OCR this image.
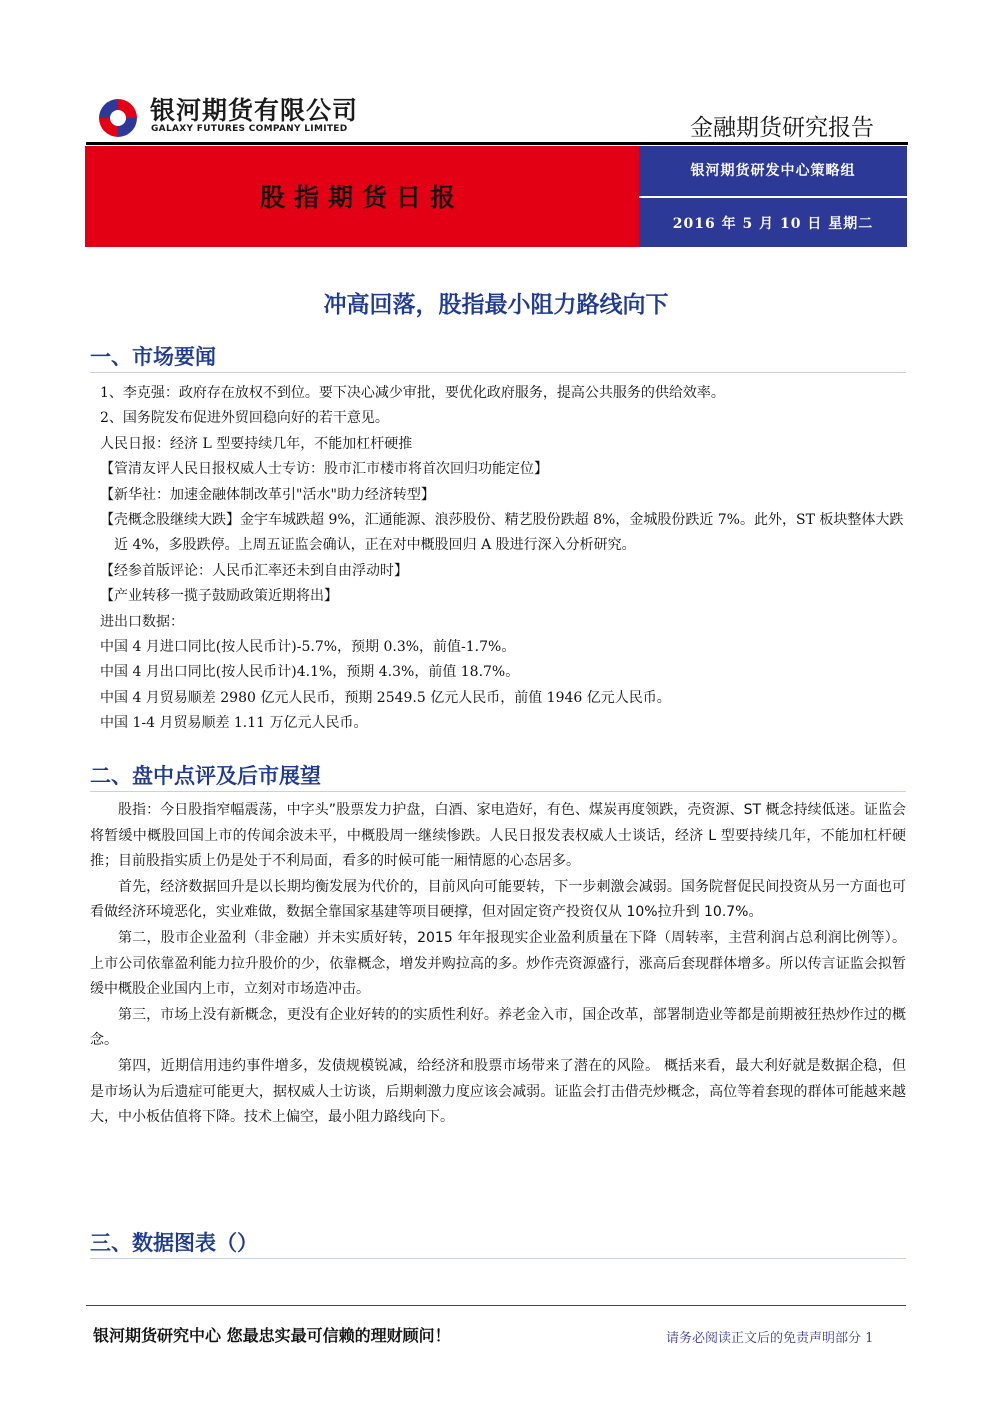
银河期货有限公司
GALAXY FUTURES COMPANY LIMITED	金融期货研究报告
股指期货日报
银河期货研发中心策略组
2016 年 5 月 10 日 星期二
冲高回落，股指最小阻力路线向下
一、市场要闻
1、李克强：政府存在放权不到位。要下决心减少审批，要优化政府服务，提高公共服务的供给效率。
2、国务院发布促进外贸回稳向好的若干意见。
人民日报：经济 L 型要持续几年，不能加杠杆硬推
【管清友评人民日报权威人士专访：股市汇市楼市将首次回归功能定位】
【新华社：加速金融体制改革引"活水"助力经济转型】
【壳概念股继续大跌】金宇车城跌超 9%，汇通能源、浪莎股份、精艺股份跌超 8%，金城股份跌近 7%。此外，ST 板块整体大跌近 4%，多股跌停。上周五证监会确认，正在对中概股回归 A 股进行深入分析研究。
【经参首版评论：人民币汇率还未到自由浮动时】
【产业转移一揽子鼓励政策近期将出】
进出口数据：
中国 4 月进口同比(按人民币计)-5.7%，预期 0.3%，前值-1.7%。
中国 4 月出口同比(按人民币计)4.1%，预期 4.3%，前值 18.7%。
中国 4 月贸易顺差 2980 亿元人民币，预期 2549.5 亿元人民币，前值 1946 亿元人民币。
中国 1-4 月贸易顺差 1.11 万亿元人民币。
二、盘中点评及后市展望

股指：今日股指窄幅震荡，中字头”股票发力护盘，白酒、家电造好，有色、煤炭再度领跌，壳资源、ST 概念持续低迷。证监会将暂缓中概股回国上市的传闻余波未平，中概股周一继续惨跌。人民日报发表权威人士谈话，经济 L 型要持续几年，不能加杠杆硬推；目前股指实质上仍是处于不利局面，看多的时候可能一厢情愿的心态居多。

首先，经济数据回升是以长期均衡发展为代价的，目前风向可能要转，下一步刺激会减弱。国务院督促民间投资从另一方面也可看做经济环境恶化，实业难做，数据全靠国家基建等项目硬撑，但对固定资产投资仅从 10%拉升到 10.7%。

第二，股市企业盈利（非金融）并未实质好转，2015 年年报现实企业盈利质量在下降（周转率，主营利润占总利润比例等）。上市公司依靠盈利能力拉升股价的少，依靠概念，增发并购拉高的多。炒作壳资源盛行，涨高后套现群体增多。所以传言证监会拟暂缓中概股企业国内上市，立刻对市场造冲击。

第三，市场上没有新概念，更没有企业好转的的实质性利好。养老金入市，国企改革，部署制造业等都是前期被狂热炒作过的概念。

第四，近期信用违约事件增多，发债规模锐减，给经济和股票市场带来了潜在的风险。 概括来看，最大利好就是数据企稳，但是市场认为后遗症可能更大，据权威人士访谈，后期刺激力度应该会减弱。证监会打击借壳炒概念，高位等着套现的群体可能越来越大，中小板估值将下降。技术上偏空，最小阻力路线向下。

三、数据图表（）
银河期货研究中心 您最忠实最可信赖的理财顾问！	请务必阅读正文后的免责声明部分 1
